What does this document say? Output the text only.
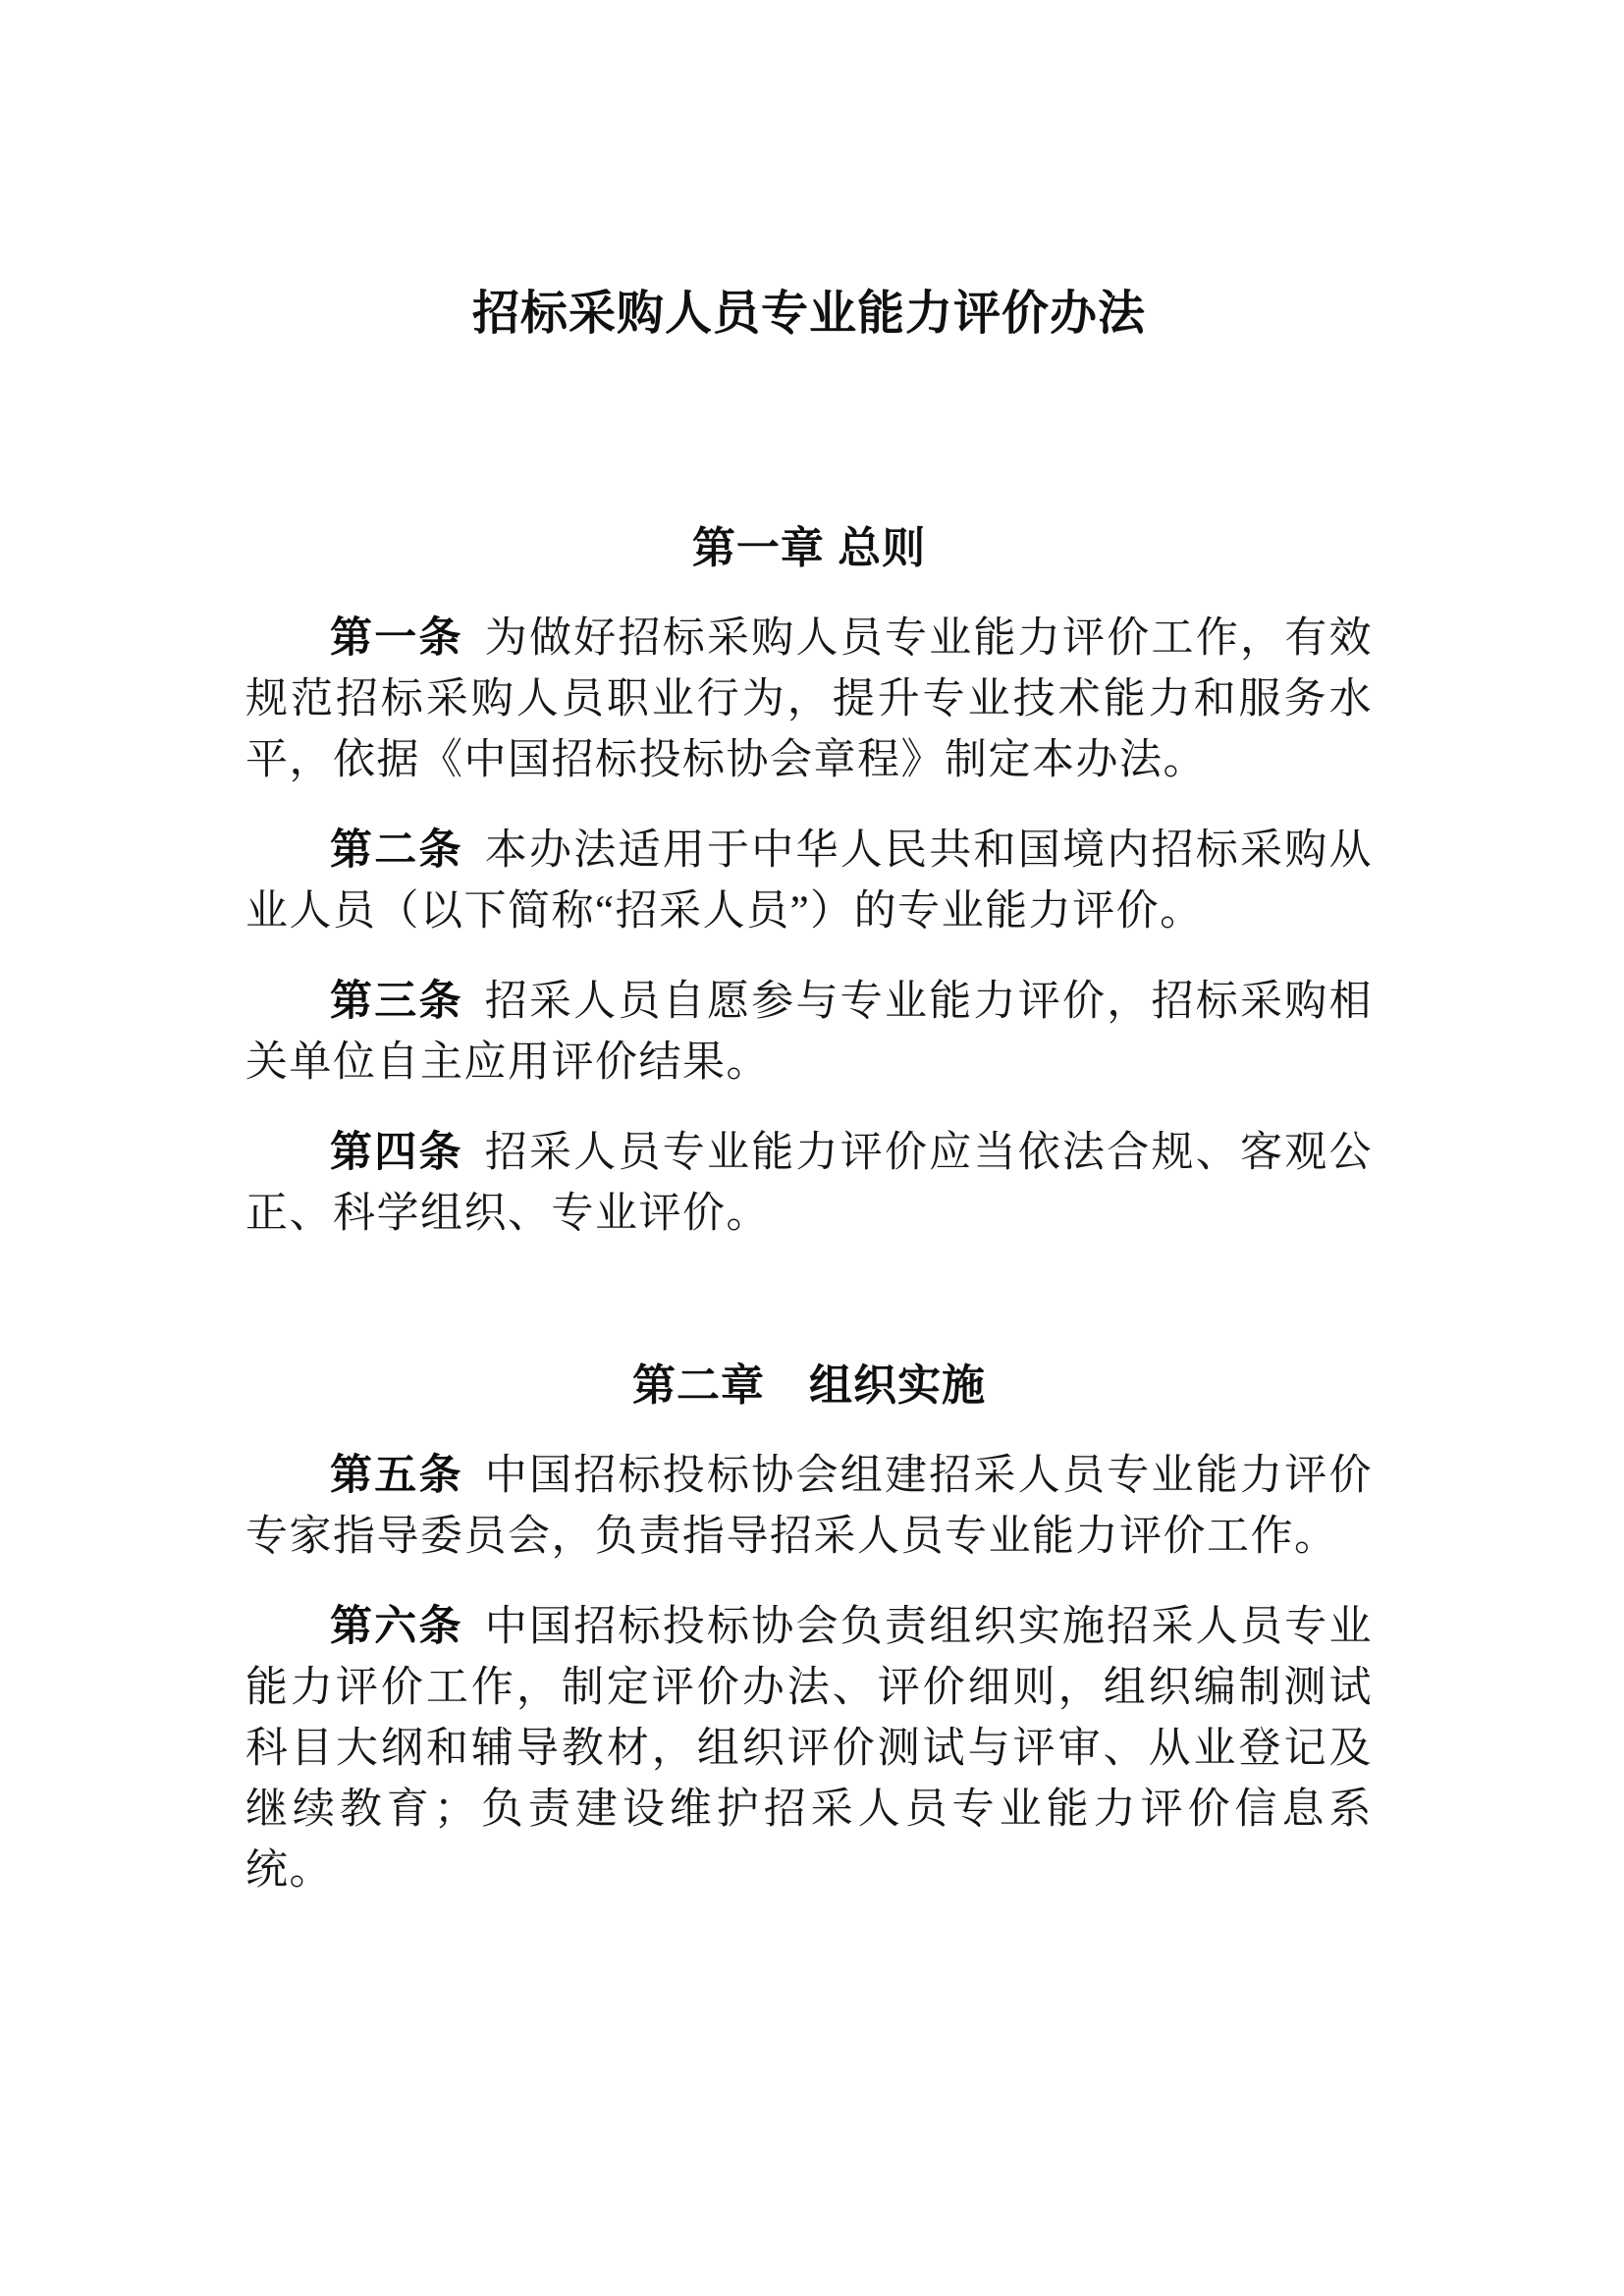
招标采购人员专业能力评价办法
第一章 总则

第一条 为做好招标采购人员专业能力评价工作，有效规范招标采购人员职业行为，提升专业技术能力和服务水平，依据《中国招标投标协会章程》制定本办法。

第二条 本办法适用于中华人民共和国境内招标采购从业人员（以下简称“招采人员”）的专业能力评价。

第三条 招采人员自愿参与专业能力评价，招标采购相关单位自主应用评价结果。

第四条 招采人员专业能力评价应当依法合规、客观公正、科学组织、专业评价。

第二章　组织实施

第五条 中国招标投标协会组建招采人员专业能力评价专家指导委员会，负责指导招采人员专业能力评价工作。

第六条 中国招标投标协会负责组织实施招采人员专业能力评价工作，制定评价办法、评价细则，组织编制测试科目大纲和辅导教材，组织评价测试与评审、从业登记及继续教育；负责建设维护招采人员专业能力评价信息系统。
